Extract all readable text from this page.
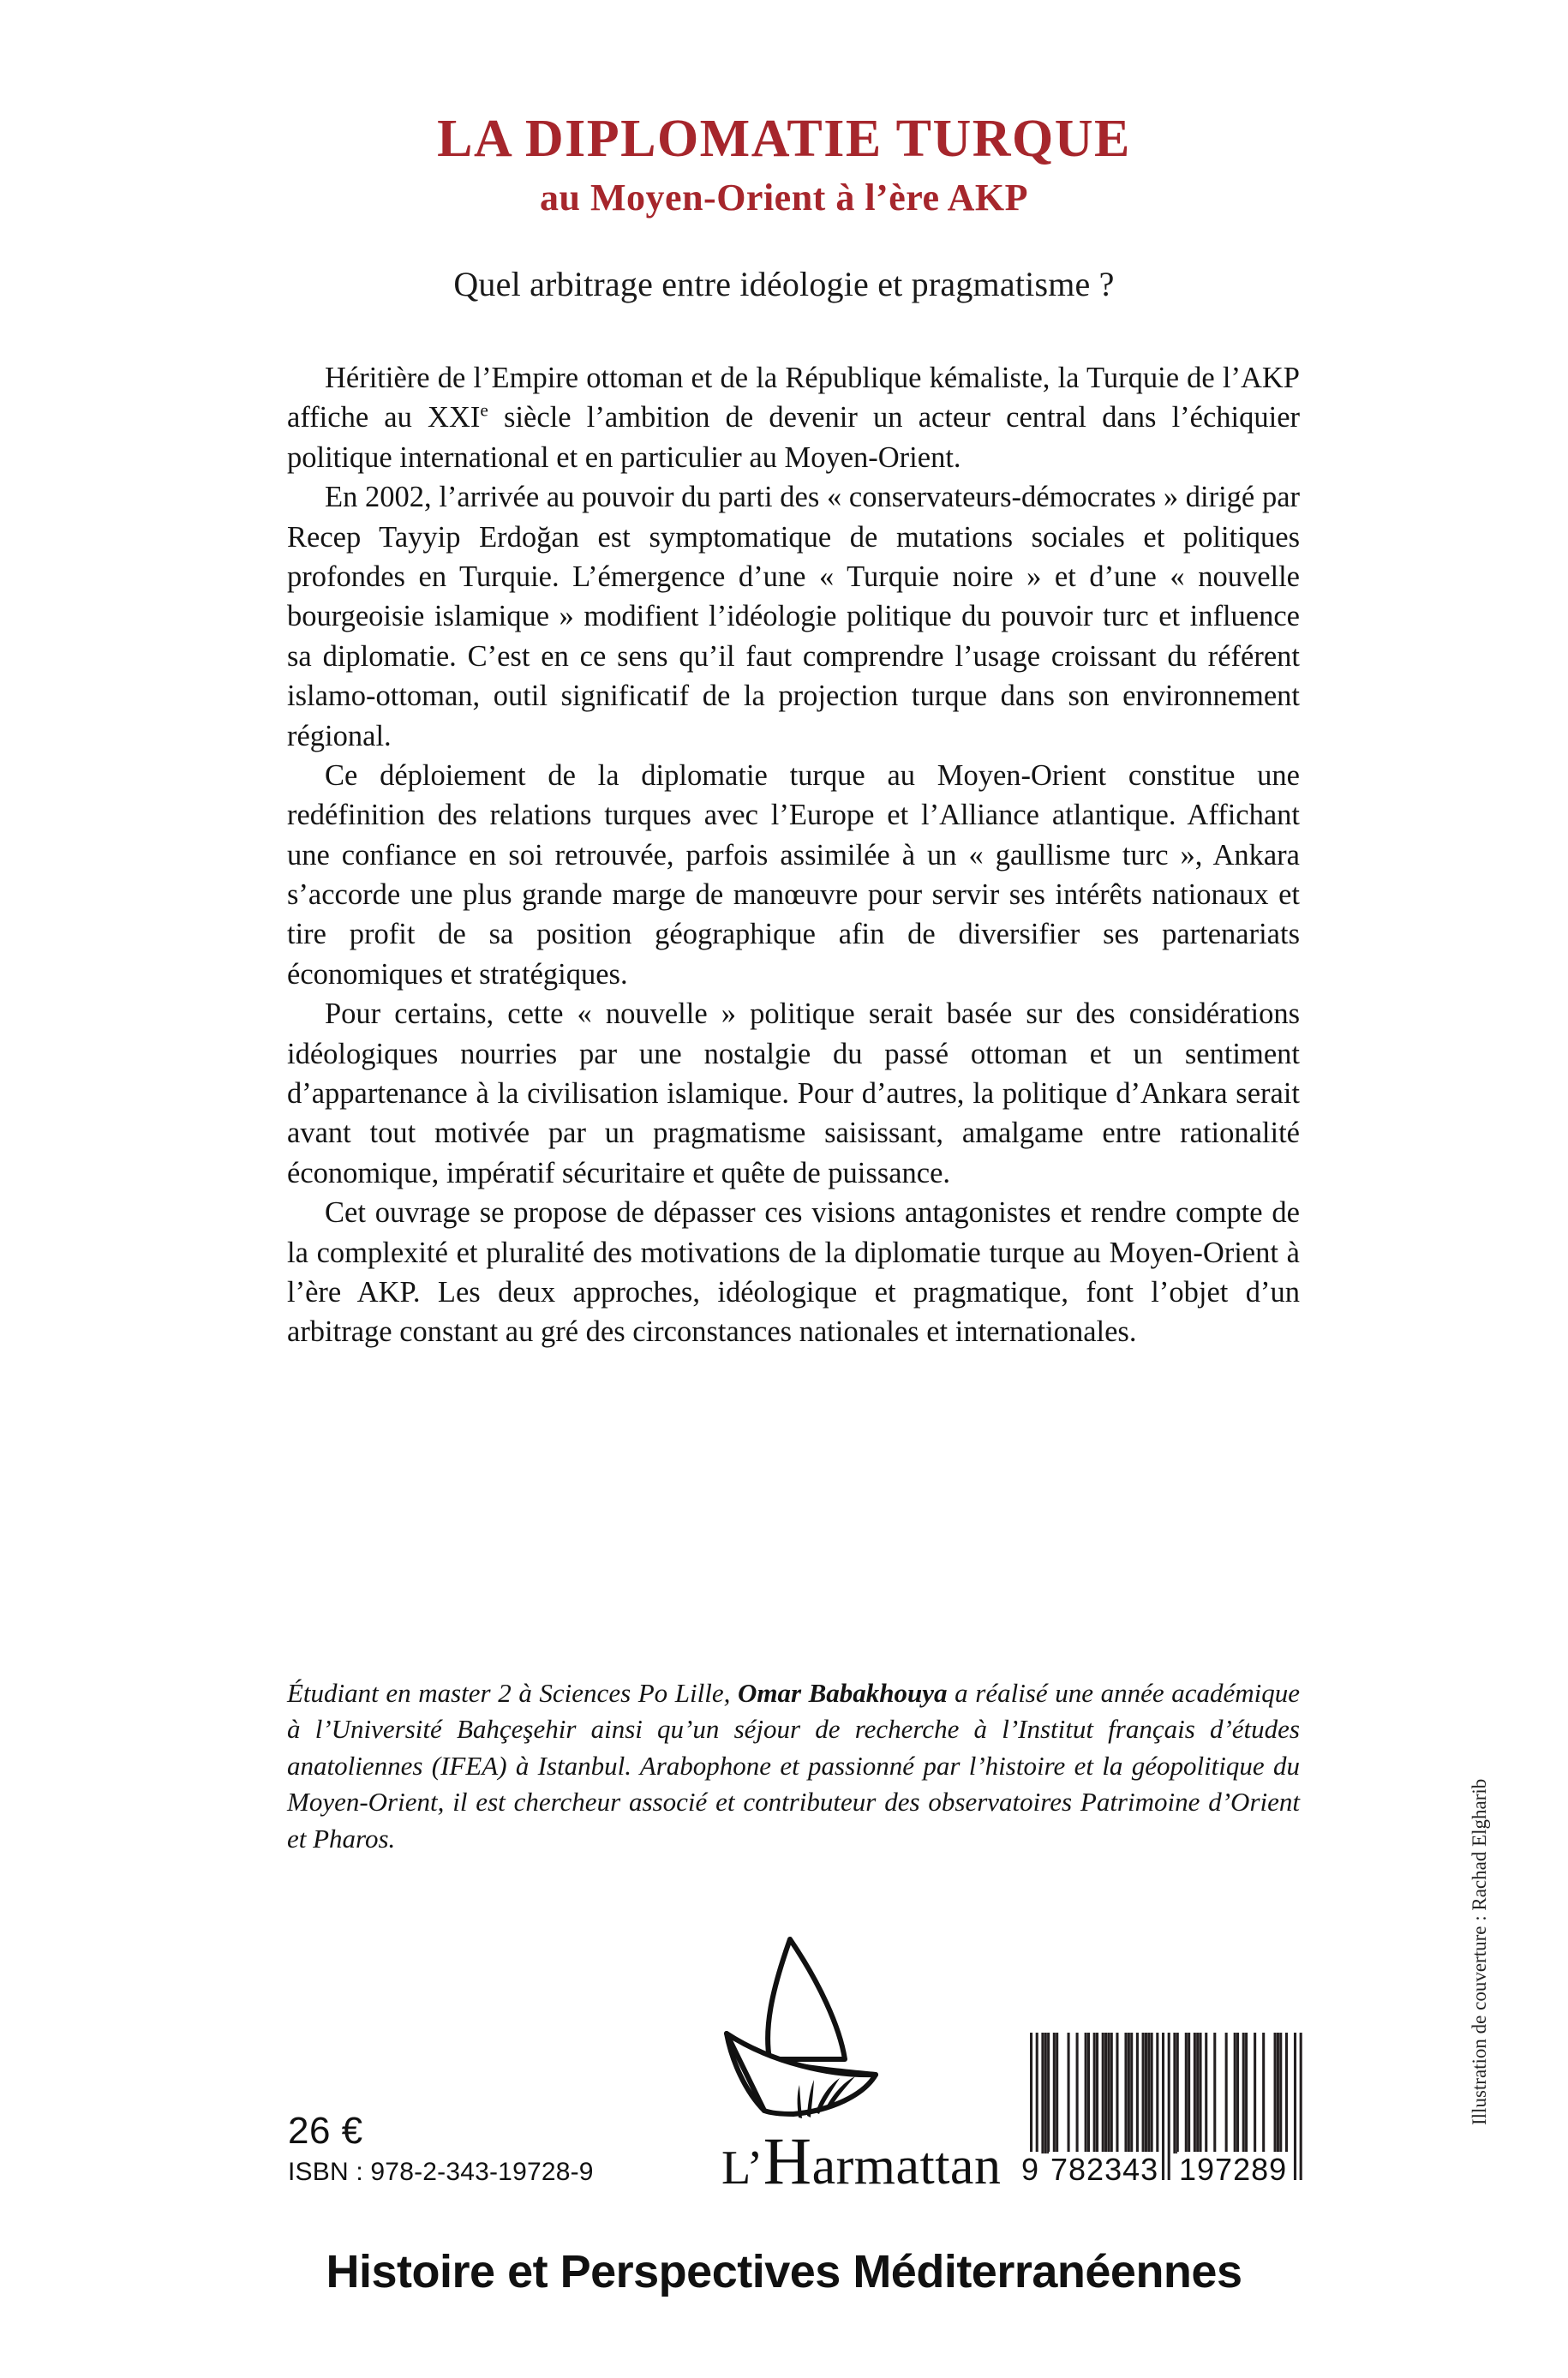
LA DIPLOMATIE TURQUE
au Moyen-Orient à l’ère AKP
Quel arbitrage entre idéologie et pragmatisme ?

Héritière de l’Empire ottoman et de la République kémaliste, la Turquie de l’AKP affiche au XXIe siècle l’ambition de devenir un acteur central dans l’échiquier politique international et en particulier au Moyen-Orient.

En 2002, l’arrivée au pouvoir du parti des « conservateurs-démocrates » dirigé par Recep Tayyip Erdoğan est symptomatique de mutations sociales et politiques profondes en Turquie. L’émergence d’une « Turquie noire » et d’une « nouvelle bourgeoisie islamique » modifient l’idéologie politique du pouvoir turc et influence sa diplomatie. C’est en ce sens qu’il faut comprendre l’usage croissant du référent islamo-ottoman, outil significatif de la projection turque dans son environnement régional.

Ce déploiement de la diplomatie turque au Moyen-Orient constitue une redéfinition des relations turques avec l’Europe et l’Alliance atlantique. Affichant une confiance en soi retrouvée, parfois assimilée à un « gaullisme turc », Ankara s’accorde une plus grande marge de manœuvre pour servir ses intérêts nationaux et tire profit de sa position géographique afin de diversifier ses partenariats économiques et stratégiques.

Pour certains, cette « nouvelle » politique serait basée sur des considérations idéologiques nourries par une nostalgie du passé ottoman et un sentiment d’appartenance à la civilisation islamique. Pour d’autres, la politique d’Ankara serait avant tout motivée par un pragmatisme saisissant, amalgame entre rationalité économique, impératif sécuritaire et quête de puissance.

Cet ouvrage se propose de dépasser ces visions antagonistes et rendre compte de la complexité et pluralité des motivations de la diplomatie turque au Moyen-Orient à l’ère AKP. Les deux approches, idéologique et pragmatique, font l’objet d’un arbitrage constant au gré des circonstances nationales et internationales.

Étudiant en master 2 à Sciences Po Lille, Omar Babakhouya a réalisé une année académique à l’Université Bahçeşehir ainsi qu’un séjour de recherche à l’Institut français d’études anatoliennes (IFEA) à Istanbul. Arabophone et passionné par l’histoire et la géopolitique du Moyen-Orient, il est chercheur associé et contributeur des observatoires Patrimoine d’Orient et Pharos.	Illustration de couverture : Rachad Elgharib
L’Harmattan
26 €
ISBN : 978-2-343-19728-9	9 782343 197289
Histoire et Perspectives Méditerranéennes
